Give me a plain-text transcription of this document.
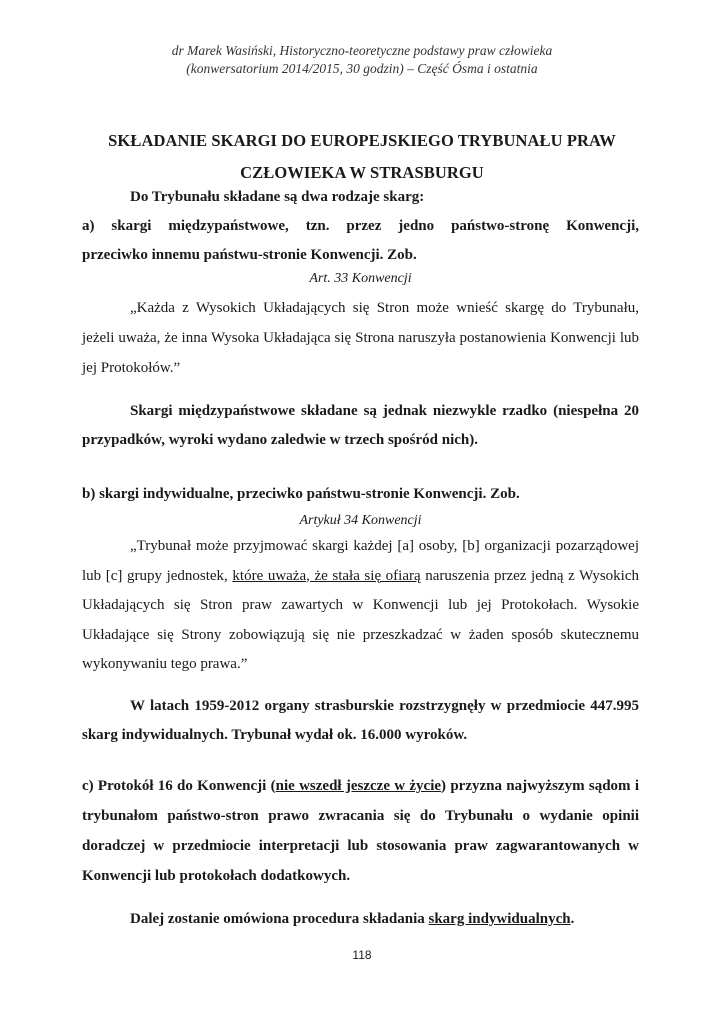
dr Marek Wasiński, Historyczno-teoretyczne podstawy praw człowieka
(konwersatorium 2014/2015, 30 godzin) – Część Ósma i ostatnia
SKŁADANIE SKARGI DO EUROPEJSKIEGO TRYBUNAŁU PRAW
CZŁOWIEKA W STRASBURGU
Do Trybunału składane są dwa rodzaje skarg:
a) skargi międzypaństwowe, tzn. przez jedno państwo-stronę Konwencji,
przeciwko innemu państwu-stronie Konwencji. Zob.
Art. 33 Konwencji
„Każda z Wysokich Układających się Stron może wnieść skargę do Trybunału, jeżeli uważa, że inna Wysoka Układająca się Strona naruszyła postanowienia Konwencji lub jej Protokołów.”
Skargi międzypaństwowe składane są jednak niezwykle rzadko (niespełna 20 przypadków, wyroki wydano zaledwie w trzech spośród nich).
b) skargi indywidualne, przeciwko państwu-stronie Konwencji. Zob.
Artykuł 34 Konwencji
„Trybunał może przyjmować skargi każdej [a] osoby, [b] organizacji pozarządowej lub [c] grupy jednostek, które uważa, że stała się ofiarą naruszenia przez jedną z Wysokich Układających się Stron praw zawartych w Konwencji lub jej Protokołach. Wysokie Układające się Strony zobowiązują się nie przeszkadzać w żaden sposób skutecznemu wykonywaniu tego prawa.”
W latach 1959-2012 organy strasburskie rozstrzygnęły w przedmiocie 447.995 skarg indywidualnych. Trybunał wydał ok. 16.000 wyroków.
c) Protokół 16 do Konwencji (nie wszedł jeszcze w życie) przyzna najwyższym sądom i trybunałom państwo-stron prawo zwracania się do Trybunału o wydanie opinii doradczej w przedmiocie interpretacji lub stosowania praw zagwarantowanych w Konwencji lub protokołach dodatkowych.
Dalej zostanie omówiona procedura składania skarg indywidualnych.
118
